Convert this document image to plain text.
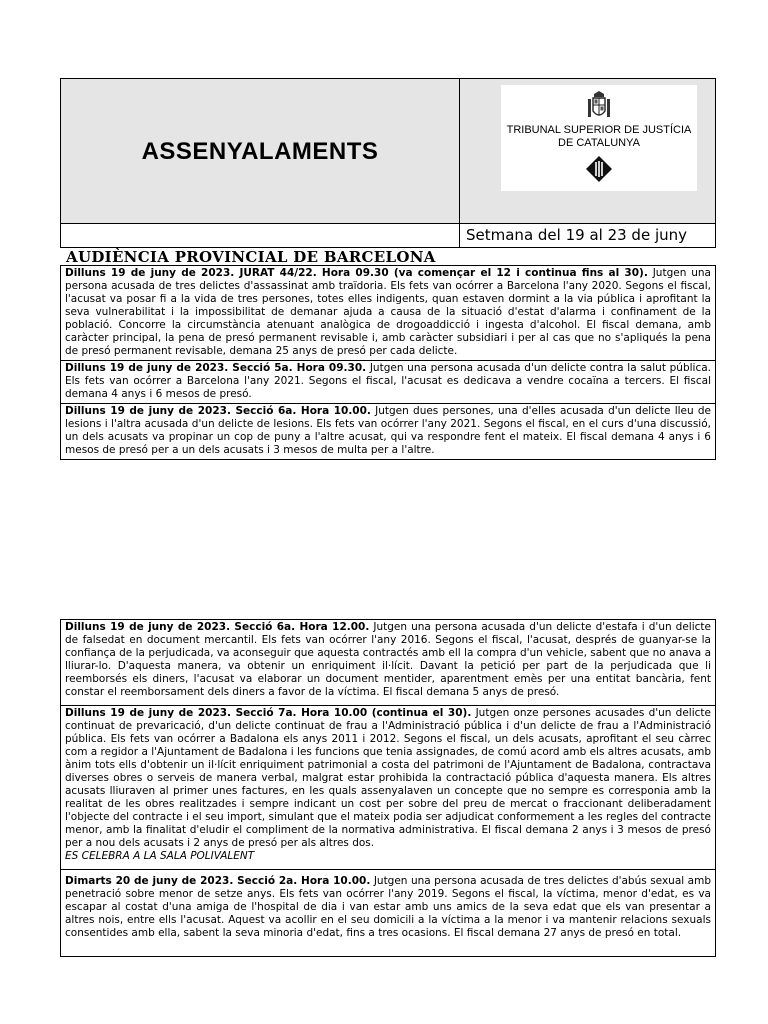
ASSENYALAMENTS
TRIBUNAL SUPERIOR DE JUSTÍCIA
DE CATALUNYA
Setmana del 19 al 23 de juny
AUDIÈNCIA PROVINCIAL DE BARCELONA
Dilluns 19 de juny de 2023. JURAT 44/22. Hora 09.30 (va començar el 12 i continua fins al 30). Jutgen una persona acusada de tres delictes d'assassinat amb traïdoria. Els fets van ocórrer a Barcelona l'any 2020. Segons el fiscal, l'acusat va posar fi a la vida de tres persones, totes elles indigents, quan estaven dormint a la via pública i aprofitant la seva vulnerabilitat i la impossibilitat de demanar ajuda a causa de la situació d'estat d'alarma i confinament de la població. Concorre la circumstància atenuant analògica de drogoaddicció i ingesta d'alcohol. El fiscal demana, amb caràcter principal, la pena de presó permanent revisable i, amb caràcter subsidiari i per al cas que no s'apliqués la pena de presó permanent revisable, demana 25 anys de presó per cada delicte.
Dilluns 19 de juny de 2023. Secció 5a. Hora 09.30. Jutgen una persona acusada d'un delicte contra la salut pública. Els fets van ocórrer a Barcelona l'any 2021. Segons el fiscal, l'acusat es dedicava a vendre cocaïna a tercers. El fiscal demana 4 anys i 6 mesos de presó.
Dilluns 19 de juny de 2023. Secció 6a. Hora 10.00. Jutgen dues persones, una d'elles acusada d'un delicte lleu de lesions i l'altra acusada d'un delicte de lesions. Els fets van ocórrer l'any 2021. Segons el fiscal, en el curs d'una discussió, un dels acusats va propinar un cop de puny a l'altre acusat, qui va respondre fent el mateix. El fiscal demana 4 anys i 6 mesos de presó per a un dels acusats i 3 mesos de multa per a l'altre.
Dilluns 19 de juny de 2023. Secció 6a. Hora 12.00. Jutgen una persona acusada d'un delicte d'estafa i d'un delicte de falsedat en document mercantil. Els fets van ocórrer l'any 2016. Segons el fiscal, l'acusat, després de guanyar-se la confiança de la perjudicada, va aconseguir que aquesta contractés amb ell la compra d'un vehicle, sabent que no anava a lliurar-lo. D'aquesta manera, va obtenir un enriquiment il·lícit. Davant la petició per part de la perjudicada que li reemborsés els diners, l'acusat va elaborar un document mentider, aparentment emès per una entitat bancària, fent constar el reemborsament dels diners a favor de la víctima. El fiscal demana 5 anys de presó.
Dilluns 19 de juny de 2023. Secció 7a. Hora 10.00 (continua el 30). Jutgen onze persones acusades d'un delicte continuat de prevaricació, d'un delicte continuat de frau a l'Administració pública i d'un delicte de frau a l'Administració pública. Els fets van ocórrer a Badalona els anys 2011 i 2012. Segons el fiscal, un dels acusats, aprofitant el seu càrrec com a regidor a l'Ajuntament de Badalona i les funcions que tenia assignades, de comú acord amb els altres acusats, amb ànim tots ells d'obtenir un il·lícit enriquiment patrimonial a costa del patrimoni de l'Ajuntament de Badalona, contractava diverses obres o serveis de manera verbal, malgrat estar prohibida la contractació pública d'aquesta manera. Els altres acusats lliuraven al primer unes factures, en les quals assenyalaven un concepte que no sempre es corresponia amb la realitat de les obres realitzades i sempre indicant un cost per sobre del preu de mercat o fraccionant deliberadament l'objecte del contracte i el seu import, simulant que el mateix podia ser adjudicat conformement a les regles del contracte menor, amb la finalitat d'eludir el compliment de la normativa administrativa. El fiscal demana 2 anys i 3 mesos de presó per a nou dels acusats i 2 anys de presó per als altres dos.
ES CELEBRA A LA SALA POLIVALENT
Dimarts 20 de juny de 2023. Secció 2a. Hora 10.00. Jutgen una persona acusada de tres delictes d'abús sexual amb penetració sobre menor de setze anys. Els fets van ocórrer l'any 2019. Segons el fiscal, la víctima, menor d'edat, es va escapar al costat d'una amiga de l'hospital de dia i van estar amb uns amics de la seva edat que els van presentar a altres nois, entre ells l'acusat. Aquest va acollir en el seu domicili a la víctima a la menor i va mantenir relacions sexuals consentides amb ella, sabent la seva minoria d'edat, fins a tres ocasions. El fiscal demana 27 anys de presó en total.
